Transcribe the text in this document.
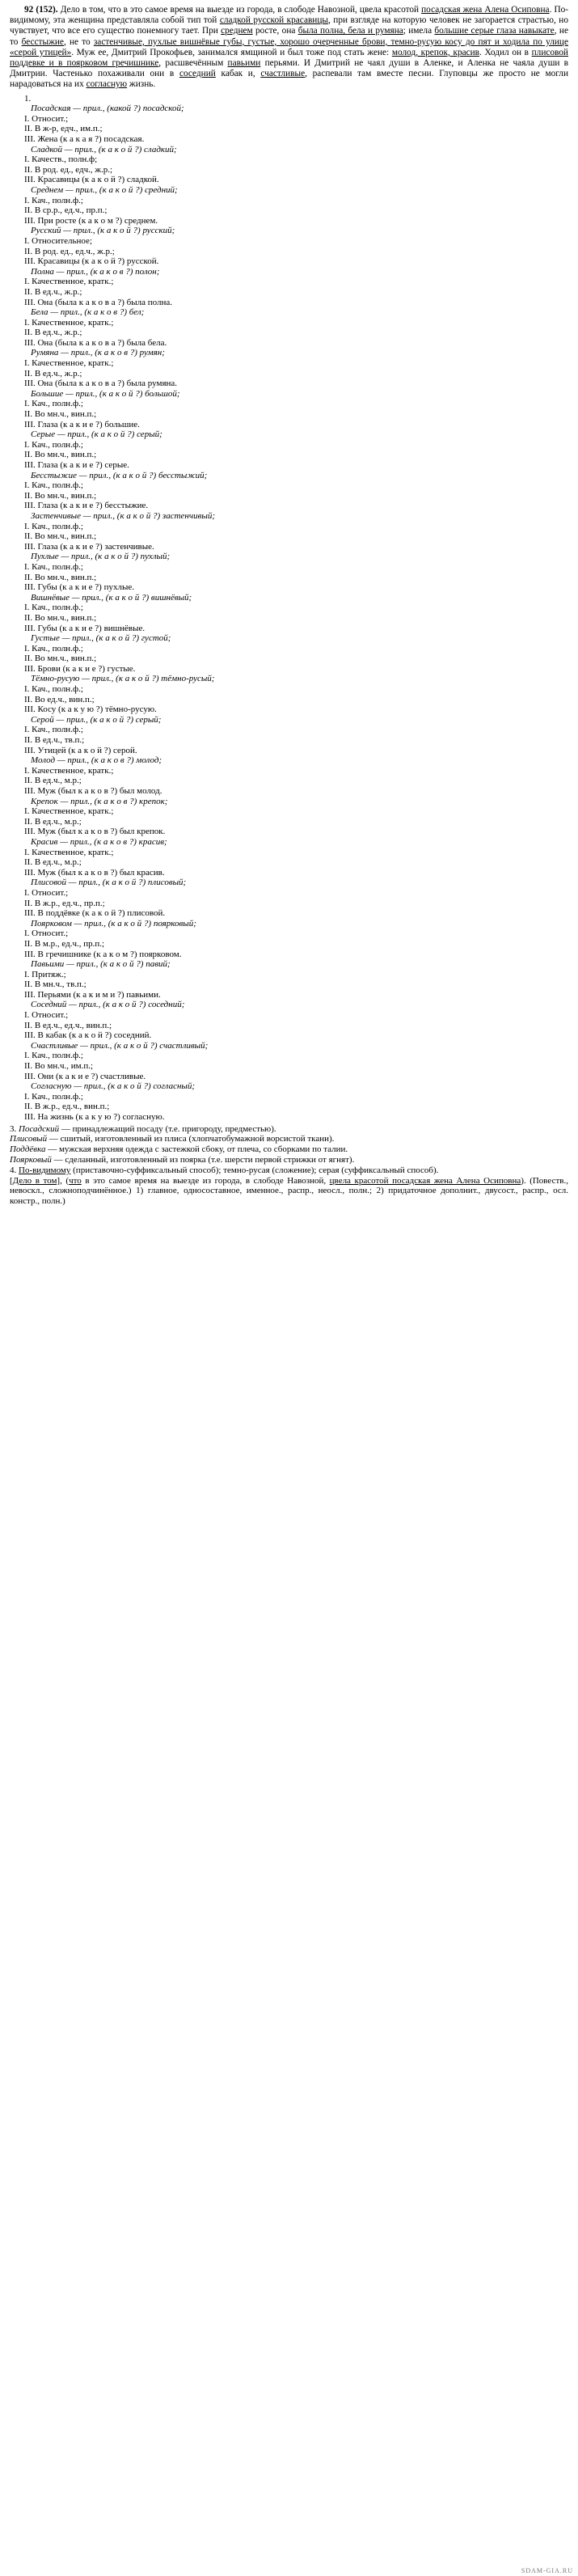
92 (152). Дело в том, что в это самое время на выезде из города, в слободе Навозной, цвела красотой посадская жена Алена Осиповна. По-видимому, эта женщина представляла собой тип той сладкой русской красавицы, при взгляде на которую человек не загорается страстью, но чувствует, что все его существо понемногу тает. При среднем росте, она была полна, бела и румяна; имела большие серые глаза навыкате, не то бесстыжие, не то застенчивые, пухлые вишнёвые губы, густые, хорошо очерченные брови, темно-русую косу до пят и ходила по улице «серой утицей». Муж ее, Дмитрий Прокофьев, занимался ямщиной и был тоже под стать жене: молод, крепок, красив. Ходил он в плисовой поддевке и в поярковом гречишнике, расшвечённым павьими перьями. И Дмитрий не чаял души в Аленке, и Аленка не чаяла души в Дмитрии. Частенько похаживали они в соседний кабак и, счастливые, распевали там вместе песни. Глуповцы же просто не могли нарадоваться на их согласную жизнь.

1.
Посадская — прил., (какой ?) посадской;
I. Относит.;
II. В ж-р, едч., им.п.;
III. Жена (к а к а я ?) посадская.
Сладкой — прил., (к а к о й ?) сладкий;
I. Качеств., полн.ф;
II. В род. ед., едч., ж.р.;
III. Красавицы (к а к о й ?) сладкой.
Среднем — прил., (к а к о й ?) средний;
I. Кач., полн.ф.;
II. В ср.р., ед.ч., пр.п.;
III. При росте (к а к о м ?) среднем.
Русский — прил., (к а к о й ?) русский;
I. Относительное;
II. В род. ед., ед.ч., ж.р.;
III. Красавицы (к а к о й ?) русской.
Полна — прил., (к а к о в ?) полон;
I. Качественное, кратк.;
II. В ед.ч., ж.р.;
III. Она (была к а к о в а ?) была полна.
Бела — прил., (к а к о в ?) бел;
I. Качественное, кратк.;
II. В ед.ч., ж.р.;
III. Она (была к а к о в а ?) была бела.
Румяна — прил., (к а к о в ?) румян;
I. Качественное, кратк.;
II. В ед.ч., ж.р.;
III. Она (была к а к о в а ?) была румяна.
Большие — прил., (к а к о й ?) большой;
I. Кач., полн.ф.;
II. Во мн.ч., вин.п.;
III. Глаза (к а к и е ?) большие.
Серые — прил., (к а к о й ?) серый;
I. Кач., полн.ф.;
II. Во мн.ч., вин.п.;
III. Глаза (к а к и е ?) серые.
Бесстыжие — прил., (к а к о й ?) бесстыжий;
I. Кач., полн.ф.;
II. Во мн.ч., вин.п.;
III. Глаза (к а к и е ?) бесстыжие.
Застенчивые — прил., (к а к о й ?) застенчивый;
I. Кач., полн.ф.;
II. Во мн.ч., вин.п.;
III. Глаза (к а к и е ?) застенчивые.
Пухлые — прил., (к а к о й ?) пухлый;
I. Кач., полн.ф.;
II. Во мн.ч., вин.п.;
III. Губы (к а к и е ?) пухлые.
Вишнёвые — прил., (к а к о й ?) вишнёвый;
I. Кач., полн.ф.;
II. Во мн.ч., вин.п.;
III. Губы (к а к и е ?) вишнёвые.
Густые — прил., (к а к о й ?) густой;
I. Кач., полн.ф.;
II. Во мн.ч., вин.п.;
III. Брови (к а к и е ?) густые.
Тёмно-русую — прил., (к а к о й ?) тёмно-русый;
I. Кач., полн.ф.;
II. Во ед.ч., вин.п.;
III. Косу (к а к у ю ?) тёмно-русую.
Серой — прил., (к а к о й ?) серый;
I. Кач., полн.ф.;
II. В ед.ч., тв.п.;
III. Утицей (к а к о й ?) серой.
Молод — прил., (к а к о в ?) молод;
I. Качественное, кратк.;
II. В ед.ч., м.р.;
III. Муж (был к а к о в ?) был молод.
Крепок — прил., (к а к о в ?) крепок;
I. Качественное, кратк.;
II. В ед.ч., м.р.;
III. Муж (был к а к о в ?) был крепок.
Красив — прил., (к а к о в ?) красив;
I. Качественное, кратк.;
II. В ед.ч., м.р.;
III. Муж (был к а к о в ?) был красив.
Плисовой — прил., (к а к о й ?) плисовый;
I. Относит.;
II. В ж.р., ед.ч., пр.п.;
III. В поддёвке (к а к о й ?) плисовой.
Поярковом — прил., (к а к о й ?) поярковый;
I. Относит.;
II. В м.р., ед.ч., пр.п.;
III. В гречишнике (к а к о м ?) поярковом.
Павьими — прил., (к а к о й ?) павий;
I. Притяж.;
II. В мн.ч., тв.п.;
III. Перьями (к а к и м и ?) павьими.
Соседний — прил., (к а к о й ?) соседний;
I. Относит.;
II. В ед.ч., ед.ч., вин.п.;
III. В кабак (к а к о й ?) соседний.
Счастливые — прил., (к а к о й ?) счастливый;
I. Кач., полн.ф.;
II. Во мн.ч., им.п.;
III. Они (к а к и е ?) счастливые.
Согласную — прил., (к а к о й ?) согласный;
I. Кач., полн.ф.;
II. В ж.р., ед.ч., вин.п.;
III. На жизнь (к а к у ю ?) согласную.

3. Посадский — принадлежащий посаду (т.е. пригороду, предместью).

Плисовый — сшитый, изготовленный из плиса (хлопчатобумажной ворсистой ткани).

Поддёвка — мужская верхняя одежда с застежкой сбоку, от плеча, со сборками по талии.

Поярковый — сделанный, изготовленный из поярка (т.е. шерсти первой стрижки от ягнят).

4. По-видимому (приставочно-суффиксальный способ); темно-русая (сложение); серая (суффиксальный способ).

[Дело в том], (что в это самое время на выезде из города, в слободе Навозной, цвела красотой посадская жена Алена Осиповна). (Повеств., невоскл., сложноподчинённое.) 1) главное, односоставное, именное., распр., неосл., полн.; 2) придаточное дополнит., двусост., распр., осл. констр., полн.)

SDAM-GIA.RU
